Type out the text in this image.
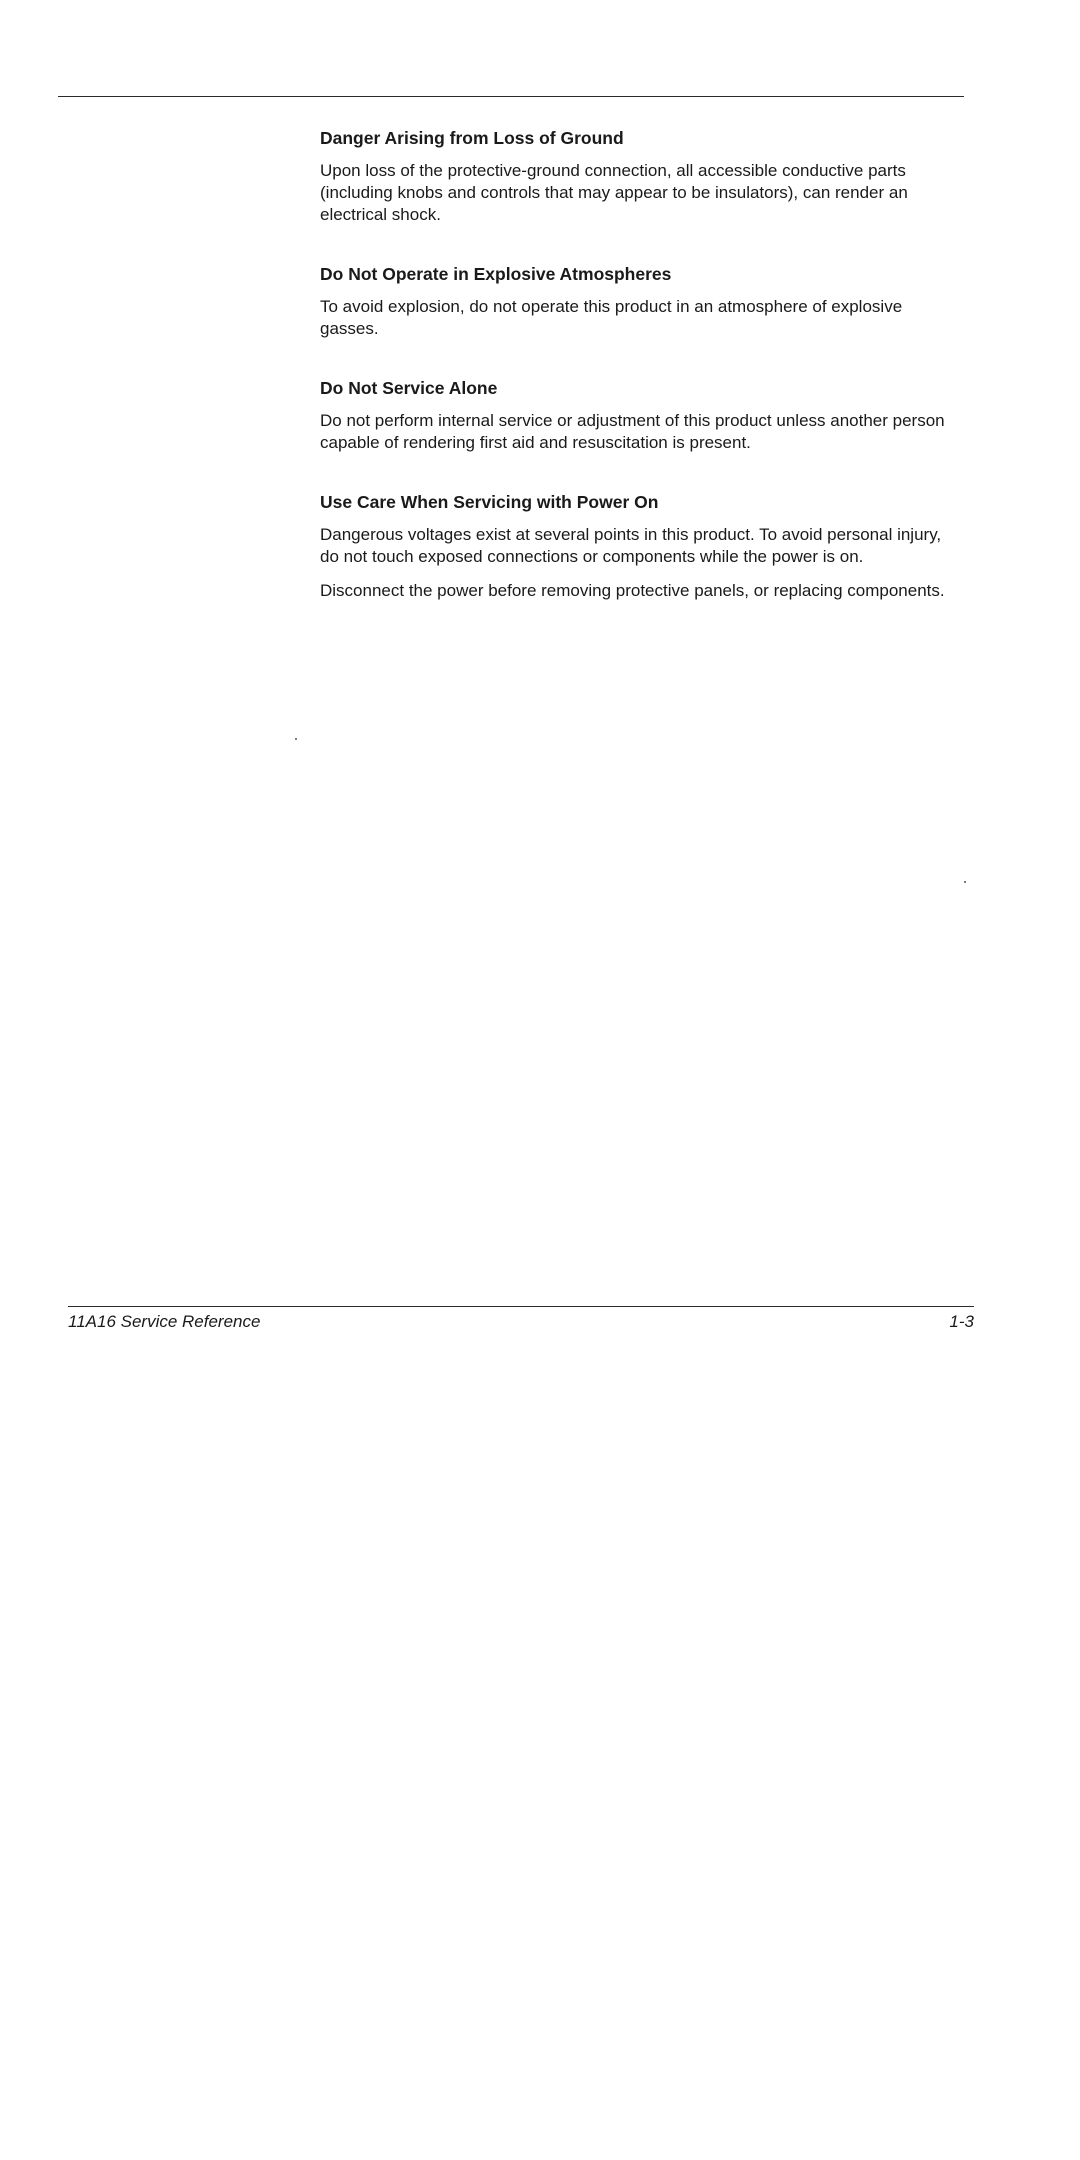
Danger Arising from Loss of Ground

Upon loss of the protective-ground connection, all accessible conductive parts (including knobs and controls that may appear to be insulators), can render an electrical shock.

Do Not Operate in Explosive Atmospheres

To avoid explosion, do not operate this product in an atmosphere of explosive gasses.

Do Not Service Alone

Do not perform internal service or adjustment of this product unless another person capable of rendering first aid and resuscitation is present.

Use Care When Servicing with Power On

Dangerous voltages exist at several points in this product. To avoid personal injury, do not touch exposed connections or components while the power is on.

Disconnect the power before removing protective panels, or replacing components.

11A16 Service Reference	1-3
